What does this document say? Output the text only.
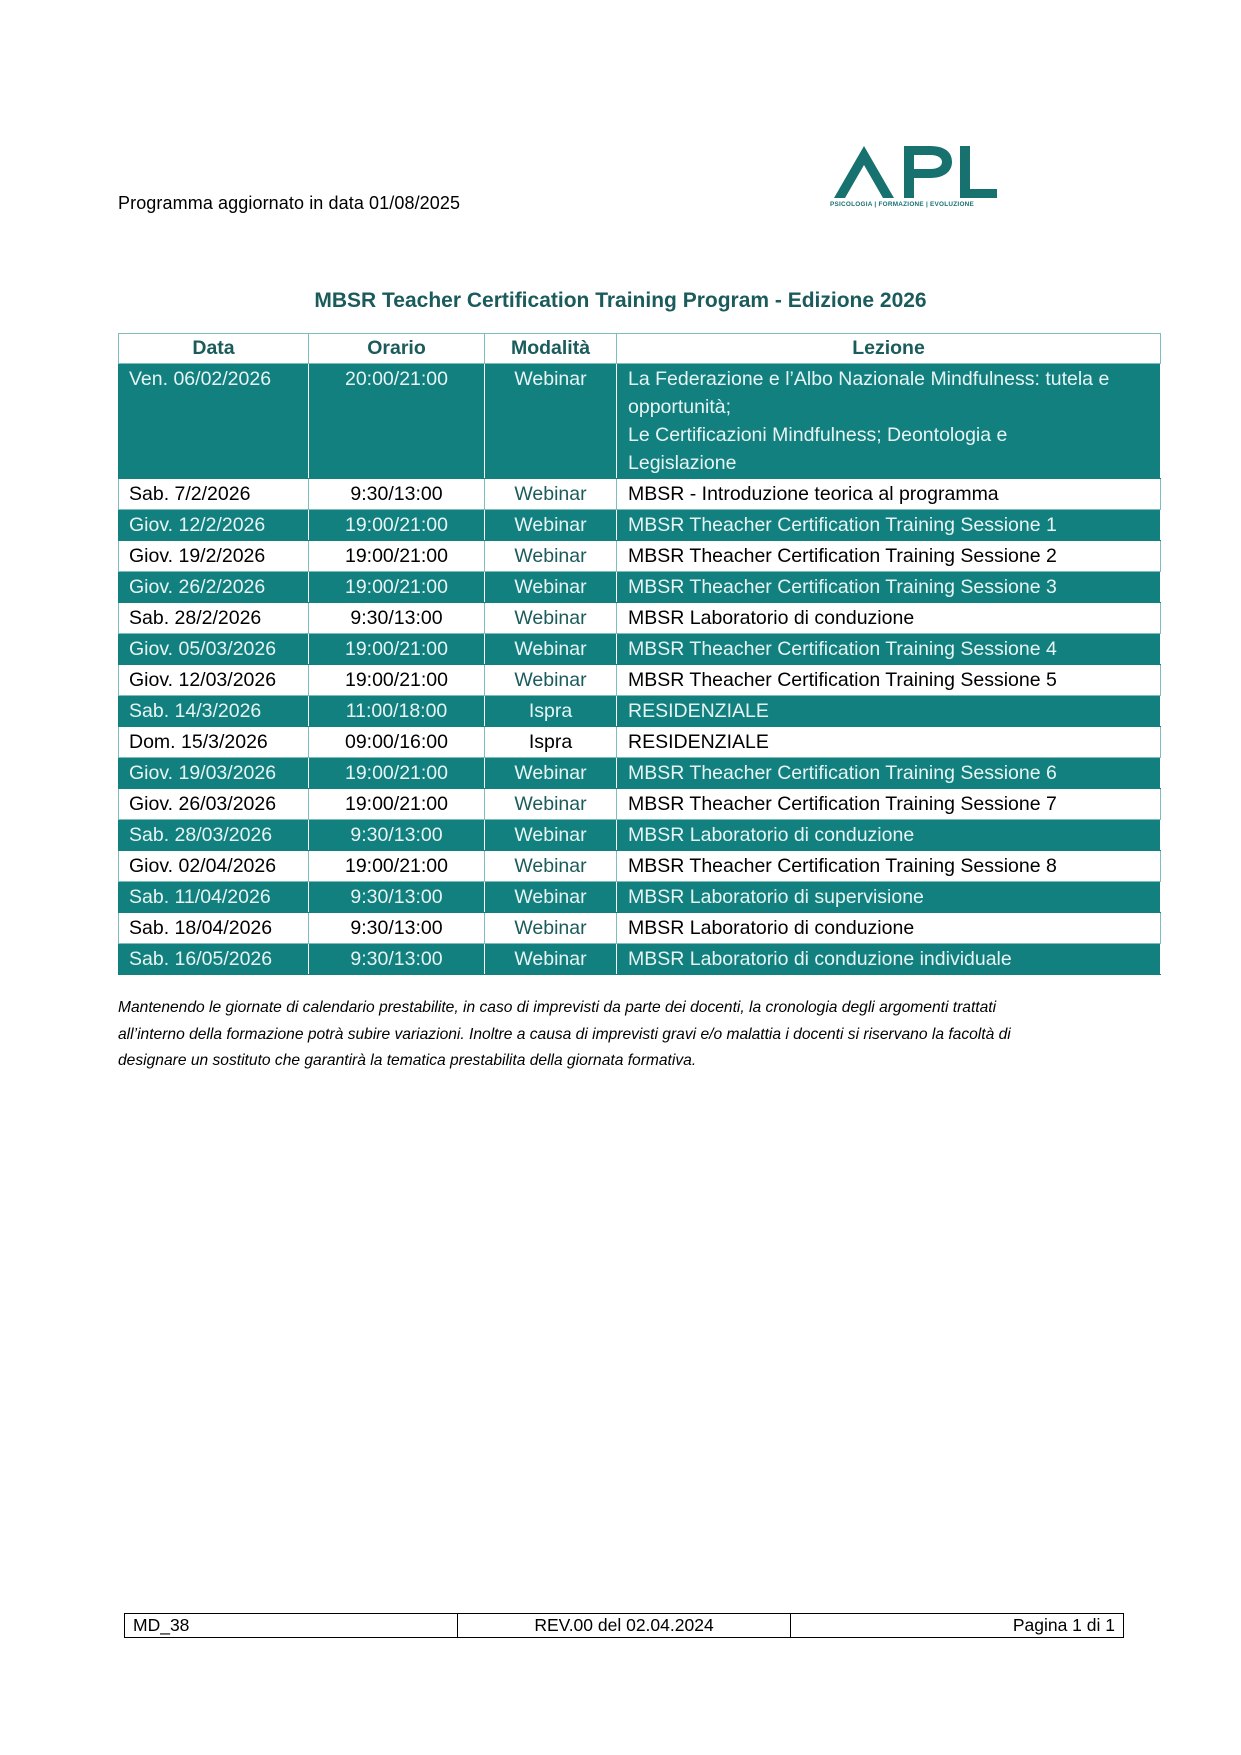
Programma aggiornato in data 01/08/2025	PSICOLOGIA | FORMAZIONE | EVOLUZIONE
MBSR Teacher Certification Training Program - Edizione 2026
Data	Orario	Modalità	Lezione
Ven. 06/02/2026	20:00/21:00	Webinar	La Federazione e l’Albo Nazionale Mindfulness: tutela e
opportunità;
Le Certificazioni Mindfulness; Deontologia e
Legislazione

Sab. 7/2/2026	9:30/13:00	Webinar	MBSR - Introduzione teorica al programma
Giov. 12/2/2026	19:00/21:00	Webinar	MBSR Theacher Certification Training Sessione 1
Giov. 19/2/2026	19:00/21:00	Webinar	MBSR Theacher Certification Training Sessione 2
Giov. 26/2/2026	19:00/21:00	Webinar	MBSR Theacher Certification Training Sessione 3
Sab. 28/2/2026	9:30/13:00	Webinar	MBSR Laboratorio di conduzione
Giov. 05/03/2026	19:00/21:00	Webinar	MBSR Theacher Certification Training Sessione 4
Giov. 12/03/2026	19:00/21:00	Webinar	MBSR Theacher Certification Training Sessione 5
Sab. 14/3/2026	11:00/18:00	Ispra	RESIDENZIALE
Dom. 15/3/2026	09:00/16:00	Ispra	RESIDENZIALE
Giov. 19/03/2026	19:00/21:00	Webinar	MBSR Theacher Certification Training Sessione 6
Giov. 26/03/2026	19:00/21:00	Webinar	MBSR Theacher Certification Training Sessione 7
Sab. 28/03/2026	9:30/13:00	Webinar	MBSR Laboratorio di conduzione
Giov. 02/04/2026	19:00/21:00	Webinar	MBSR Theacher Certification Training Sessione 8
Sab. 11/04/2026	9:30/13:00	Webinar	MBSR Laboratorio di supervisione
Sab. 18/04/2026	9:30/13:00	Webinar	MBSR Laboratorio di conduzione
Sab. 16/05/2026	9:30/13:00	Webinar	MBSR Laboratorio di conduzione individuale
Mantenendo le giornate di calendario prestabilite, in caso di imprevisti da parte dei docenti, la cronologia degli argomenti trattati
all’interno della formazione potrà subire variazioni. Inoltre a causa di imprevisti gravi e/o malattia i docenti si riservano la facoltà di
designare un sostituto che garantirà la tematica prestabilita della giornata formativa.
MD_38	REV.00 del 02.04.2024	Pagina 1 di 1
